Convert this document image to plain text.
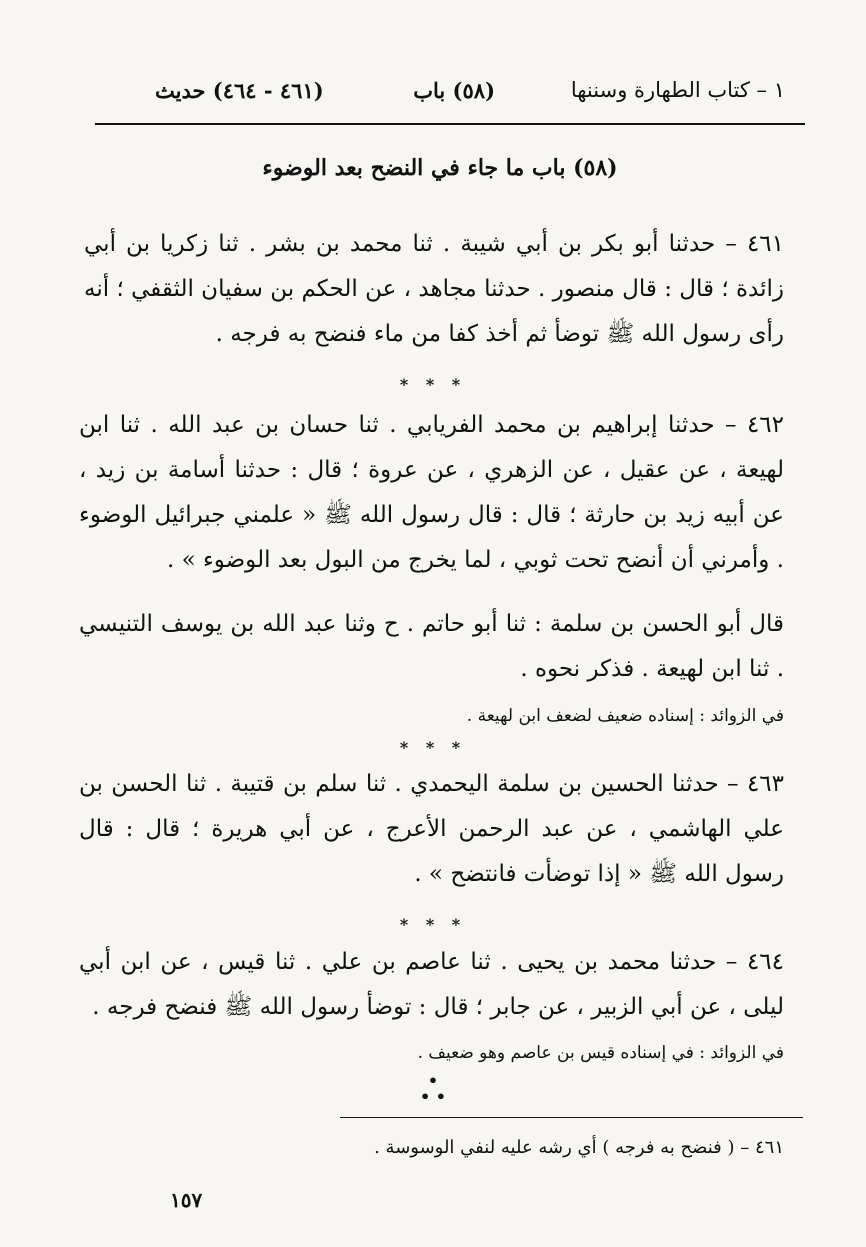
١ – كتاب الطهارة وسننها
(٥٨) باب
(٤٦١ - ٤٦٤) حديث
(٥٨) باب ما جاء في النضح بعد الوضوء
٤٦١ – حدثنا أبو بكر بن أبي شيبة . ثنا محمد بن بشر . ثنا زكريا بن أبي زائدة ؛ قال : قال منصور . حدثنا مجاهد ، عن الحكم بن سفيان الثقفي ؛ أنه رأى رسول الله ﷺ توضأ ثم أخذ كفا من ماء فنضح به فرجه .
* * *
٤٦٢ – حدثنا إبراهيم بن محمد الفريابي . ثنا حسان بن عبد الله . ثنا ابن لهيعة ، عن عقيل ، عن الزهري ، عن عروة ؛ قال : حدثنا أسامة بن زيد ، عن أبيه زيد بن حارثة ؛ قال : قال رسول الله ﷺ « علمني جبرائيل الوضوء . وأمرني أن أنضح تحت ثوبي ، لما يخرج من البول بعد الوضوء » .
قال أبو الحسن بن سلمة : ثنا أبو حاتم . ح وثنا عبد الله بن يوسف التنيسي . ثنا ابن لهيعة . فذكر نحوه .
في الزوائد : إسناده ضعيف لضعف ابن لهيعة .
* * *
٤٦٣ – حدثنا الحسين بن سلمة اليحمدي . ثنا سلم بن قتيبة . ثنا الحسن بن علي الهاشمي ، عن عبد الرحمن الأعرج ، عن أبي هريرة ؛ قال : قال رسول الله ﷺ « إذا توضأت فانتضح » .
* * *
٤٦٤ – حدثنا محمد بن يحيى . ثنا عاصم بن علي . ثنا قيس ، عن ابن أبي ليلى ، عن أبي الزبير ، عن جابر ؛ قال : توضأ رسول الله ﷺ فنضح فرجه .
في الزوائد : في إسناده قيس بن عاصم وهو ضعيف .
•
• •
٤٦١ – ( فنضح به فرجه ) أي رشه عليه لنفي الوسوسة .
١٥٧
